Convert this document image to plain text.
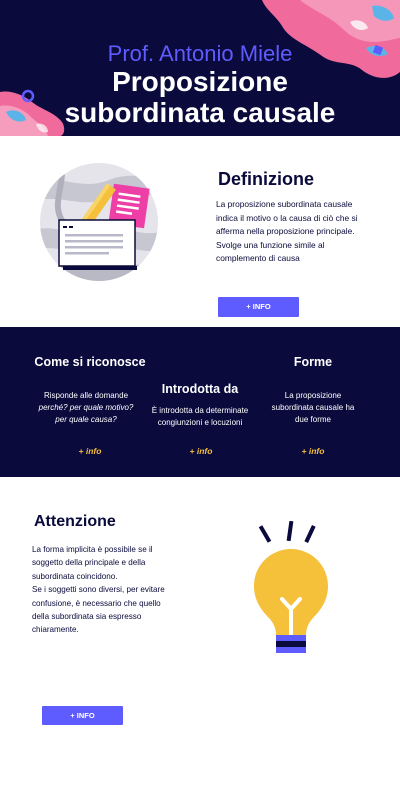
Prof. Antonio Miele
Proposizione
subordinata causale
Definizione

La proposizione subordinata causale indica il motivo o la causa di ciò che si afferma nella proposizione principale.

Svolge una funzione simile al complemento di causa

+ INFO
Come si riconosce
Risponde alle domande
perché? per quale motivo? per quale causa?
+ info
Introdotta da
È introdotta da determinate congiunzioni e locuzioni
+ info
Forme
La proposizione subordinata causale ha due forme
+ info
Attenzione

La forma implicita è possibile se il soggetto della principale e della subordinata coincidono.

Se i soggetti sono diversi, per evitare confusione, è necessario che quello della subordinata sia espresso chiaramente.

+ INFO
